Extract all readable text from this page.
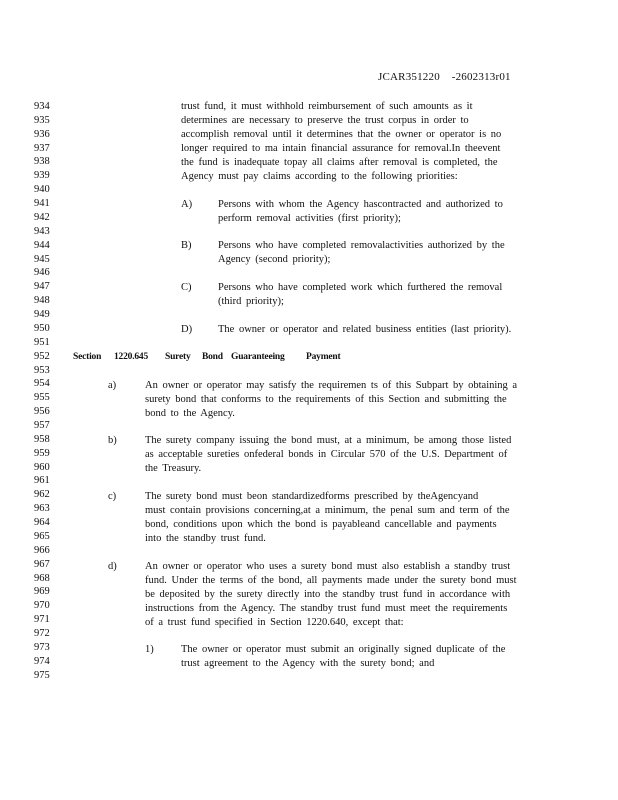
JCAR351220 -2602313r01
934
935
936
937
938
939
940
941
942
943
944
945
946
947
948
949
950
951
952
953
954
955
956
957
958
959
960
961
962
963
964
965
966
967
968
969
970
971
972
973
974
975
trust fund, it must withhold reimbursement of such amounts as it
determines are necessary to preserve the trust corpus in order to
accomplish removal until it determines that the owner or operator is no
longer required to ma intain financial assurance for removal.In theevent
the fund is inadequate topay all claims after removal is completed, the
Agency must pay claims according to the following priorities:
A) Persons with whom the Agency hascontracted and authorized to
perform removal activities (first priority);
B)	Persons who have completed removalactivities authorized by the
Agency (second priority);
C)	Persons who have completed work which furthered the removal
(third priority);
D) The owner or operator and related business entities (last priority).
Section 1220.645 Surety Bond Guaranteeing Payment
a)	An owner or operator may satisfy the requiremen ts of this Subpart by obtaining a
surety bond that conforms to the requirements of this Section and submitting the
bond to the Agency.
b)	The surety company issuing the bond must, at a minimum, be among those listed
as acceptable sureties onfederal bonds in Circular 570 of the U.S. Department of
the Treasury.
c)	The surety bond must beon standardizedforms prescribed by theAgencyand
must contain provisions concerning,at a minimum, the penal sum and term of the
bond, conditions upon which the bond is payableand cancellable and payments
into the standby trust fund.
d)	An owner or operator who uses a surety bond must also establish a standby trust
fund. Under the terms of the bond, all payments made under the surety bond must
be deposited by the surety directly into the standby trust fund in accordance with
instructions from the Agency. The standby trust fund must meet the requirements
of a trust fund specified in Section 1220.640, except that:
1)	The owner or operator must submit an originally signed duplicate of the
trust agreement to the Agency with the surety bond; and
